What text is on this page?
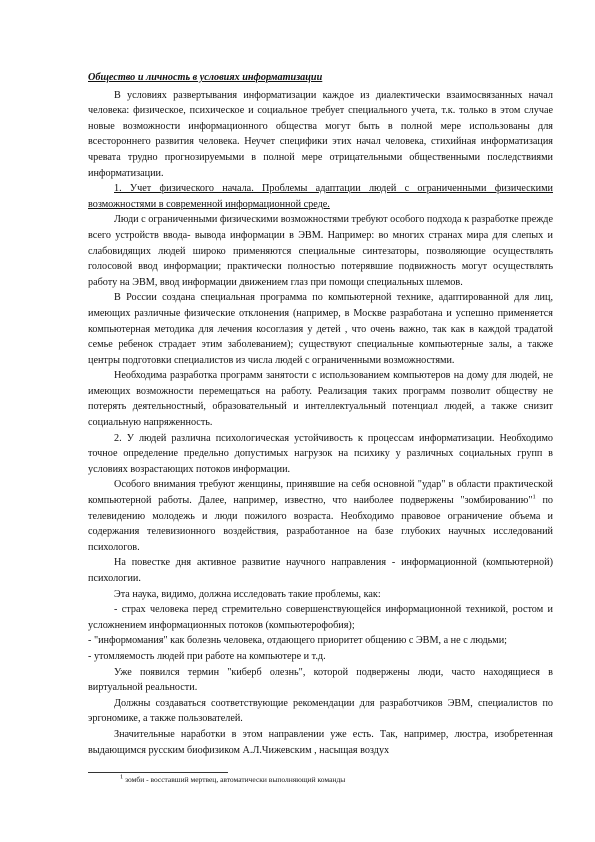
Общество и личность в условиях информатизации

В условиях развертывания информатизации каждое из диалектически взаимосвязанных начал человека: физическое, психическое и социальное требует специального учета, т.к. только в этом случае новые возможности информационного общества могут быть в полной мере использованы для всестороннего развития человека. Неучет специфики этих начал человека, стихийная информатизация чревата трудно прогнозируемыми в полной мере отрицательными общественными последствиями информатизации.

1. Учет физического начала. Проблемы адаптации людей с ограниченными физическими возможностями в современной информационной среде.

Люди с ограниченными физическими возможностями требуют особого подхода к разработке прежде всего устройств ввода- вывода информации в ЭВМ. Например: во многих странах мира для слепых и слабовидящих людей широко применяются специальные синтезаторы, позволяющие осуществлять голосовой ввод информации; практически полностью потерявшие подвижность могут осуществлять работу на ЭВМ, ввод информации движением глаз при помощи специальных шлемов.

В России создана специальная программа по компьютерной технике, адаптированной для лиц, имеющих различные физические отклонения (например, в Москве разработана и успешно применяется компьютерная методика для лечения косоглазия у детей , что очень важно, так как в каждой традатой семье ребенок страдает этим заболеванием); существуют специальные компьютерные залы, а также центры подготовки специалистов из числа людей с ограниченными возможностями.

Необходима разработка программ занятости с использованием компьютеров на дому для людей, не имеющих возможности перемещаться на работу. Реализация таких программ позволит обществу не потерять деятельностный, образовательный и интеллектуальный потенциал людей, а также снизит социальную напряженность.

2. У людей различна психологическая устойчивость к процессам информатизации. Необходимо точное определение предельно допустимых нагрузок на психику у различных социальных групп в условиях возрастающих потоков информации.

Особого внимания требуют женщины, принявшие на себя основной "удар" в области практической компьютерной работы. Далее, например, известно, что наиболее подвержены "зомбированию"$^1$ по телевидению молодежь и люди пожилого возраста. Необходимо правовое ограничение объема и содержания телевизионного воздействия, разработанное на базе глубоких научных исследований психологов.

На повестке дня активное развитие научного направления - информационной (компьютерной) психологии.

Эта наука, видимо, должна исследовать такие проблемы, как:

- страх человека перед стремительно совершенствующейся информационной техникой, ростом и усложнением информационных потоков (компьютерофобия);

- "информомания" как болезнь человека, отдающего приоритет общению с ЭВМ, а не с людьми;

- утомляемость людей при работе на компьютере и т.д.

Уже появился термин "киберб олезнь", которой подвержены люди, часто находящиеся в виртуальной реальности.

Должны создаваться соответствующие рекомендации для разработчиков ЭВМ, специалистов по эргономике, а также пользователей.

Значительные наработки в этом направлении уже есть. Так, например, люстра, изобретенная выдающимся русским биофизиком А.Л.Чижевским , насыщая воздух

$^1$ зомби - восставший мертвец, автоматически выполняющий команды
